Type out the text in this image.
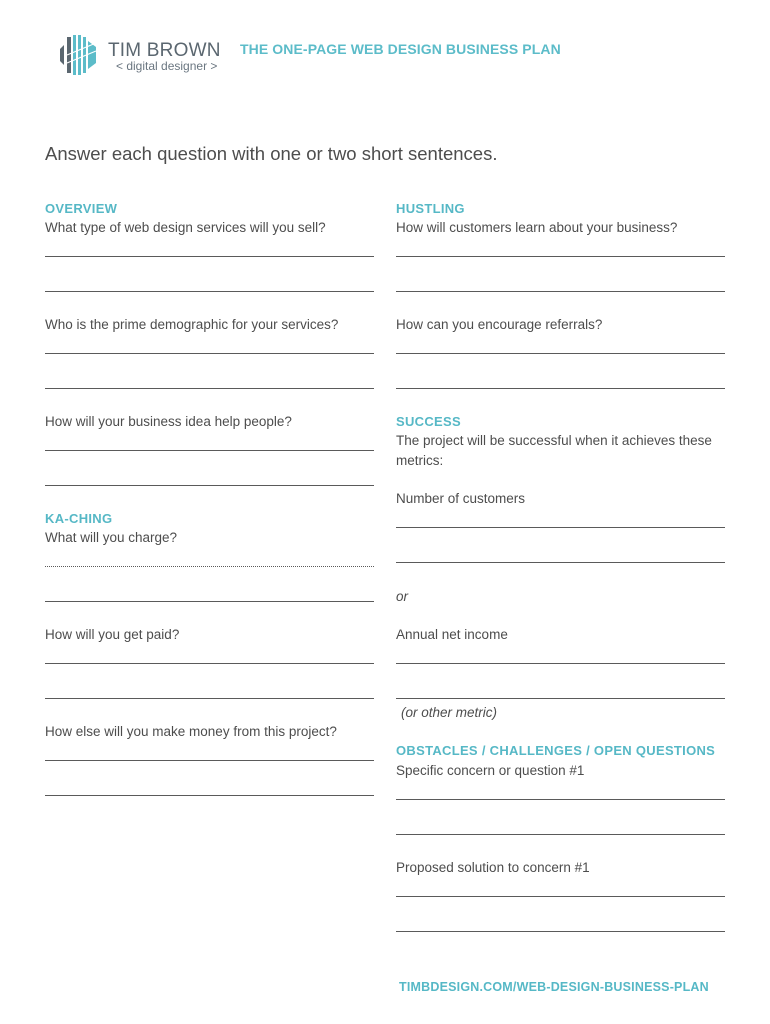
TIM BROWN
< digital designer >
THE ONE-PAGE WEB DESIGN BUSINESS PLAN
Answer each question with one or two short sentences.
OVERVIEW
What type of web design services will you sell?
Who is the prime demographic for your services?
How will your business idea help people?
KA-CHING
What will you charge?
How will you get paid?
How else will you make money from this project?
HUSTLING
How will customers learn about your business?
How can you encourage referrals?
SUCCESS
The project will be successful when it achieves these metrics:
Number of customers
or
Annual net income
(or other metric)
OBSTACLES / CHALLENGES / OPEN QUESTIONS
Specific concern or question #1
Proposed solution to concern #1
TIMBDESIGN.COM/WEB-DESIGN-BUSINESS-PLAN
